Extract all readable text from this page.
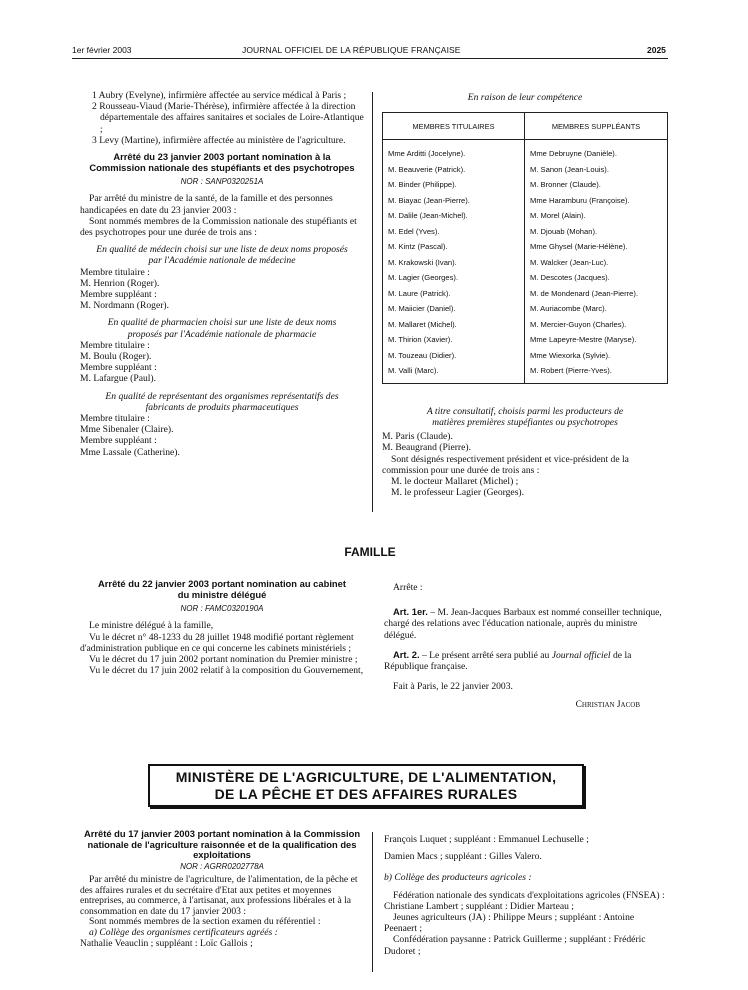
1er février 2003	JOURNAL OFFICIEL DE LA RÉPUBLIQUE FRANÇAISE	2025

1 Aubry (Evelyne), infirmière affectée au service médical à Paris ;

2 Rousseau-Viaud (Marie-Thérèse), infirmière affectée à la direction départementale des affaires sanitaires et sociales de Loire-Atlantique ;

3 Levy (Martine), infirmière affectée au ministère de l'agriculture.

Arrêté du 23 janvier 2003 portant nomination à la Commission nationale des stupéfiants et des psychotropes

NOR : SANP0320251A

Par arrêté du ministre de la santé, de la famille et des personnes handicapées en date du 23 janvier 2003 :

Sont nommés membres de la Commission nationale des stupéfiants et des psychotropes pour une durée de trois ans :

En qualité de médecin choisi sur une liste de deux noms proposés par l'Académie nationale de médecine

Membre titulaire :

M. Henrion (Roger).

Membre suppléant :

M. Nordmann (Roger).

En qualité de pharmacien choisi sur une liste de deux noms proposés par l'Académie nationale de pharmacie

Membre titulaire :

M. Boulu (Roger).

Membre suppléant :

M. Lafargue (Paul).

En qualité de représentant des organismes représentatifs des fabricants de produits pharmaceutiques

Membre titulaire :

Mme Sibenaler (Claire).

Membre suppléant :

Mme Lassale (Catherine).

En raison de leur compétence

MEMBRES TITULAIRES	MEMBRES SUPPLÉANTS
Mme Arditti (Jocelyne).	Mme Debruyne (Danièle).
M. Beauverie (Patrick).	M. Sanon (Jean-Louis).
M. Binder (Philippe).	M. Bronner (Claude).
M. Biayac (Jean-Pierre).	Mme Haramburu (Françoise).
M. Dalile (Jean-Michel).	M. Morel (Alain).
M. Edel (Yves).	M. Djouab (Mohan).
M. Kintz (Pascal).	Mme Ghysel (Marie-Hélène).
M. Krakowski (Ivan).	M. Walcker (Jean-Luc).
M. Lagier (Georges).	M. Descotes (Jacques).
M. Laure (Patrick).	M. de Mondenard (Jean-Pierre).
M. Maiicier (Daniel).	M. Auriacombe (Marc).
M. Mallaret (Michel).	M. Mercier-Guyon (Charles).
M. Thirion (Xavier).	Mme Lapeyre-Mestre (Maryse).
M. Touzeau (Didier).	Mme Wiexorka (Sylvie).
M. Valli (Marc).	M. Robert (Pierre-Yves).

A titre consultatif, choisis parmi les producteurs de matières premières stupéfiantes ou psychotropes

M. Paris (Claude).

M. Beaugrand (Pierre).

Sont désignés respectivement président et vice-président de la commission pour une durée de trois ans :

M. le docteur Mallaret (Michel) ;

M. le professeur Lagier (Georges).

FAMILLE

Arrêté du 22 janvier 2003 portant nomination au cabinet du ministre délégué

NOR : FAMC0320190A

Le ministre délégué à la famille,

Vu le décret n° 48-1233 du 28 juillet 1948 modifié portant règlement d'administration publique en ce qui concerne les cabinets ministériels ;

Vu le décret du 17 juin 2002 portant nomination du Premier ministre ;

Vu le décret du 17 juin 2002 relatif à la composition du Gouvernement,

Arrête :

Art. 1er. – M. Jean-Jacques Barbaux est nommé conseiller technique, chargé des relations avec l'éducation nationale, auprès du ministre délégué.

Art. 2. – Le présent arrêté sera publié au Journal officiel de la République française.

Fait à Paris, le 22 janvier 2003.

Christian Jacob

MINISTÈRE DE L'AGRICULTURE, DE L'ALIMENTATION,
DE LA PÊCHE ET DES AFFAIRES RURALES

Arrêté du 17 janvier 2003 portant nomination à la Commission nationale de l'agriculture raisonnée et de la qualification des exploitations

NOR : AGRR0202778A

Par arrêté du ministre de l'agriculture, de l'alimentation, de la pêche et des affaires rurales et du secrétaire d'Etat aux petites et moyennes entreprises, au commerce, à l'artisanat, aux professions libérales et à la consommation en date du 17 janvier 2003 :

Sont nommés membres de la section examen du référentiel :

a) Collège des organismes certificateurs agréés :

Nathalie Veauclin ; suppléant : Loïc Gallois ;

François Luquet ; suppléant : Emmanuel Lechuselle ;

Damien Macs ; suppléant : Gilles Valero.

b) Collège des producteurs agricoles :

Fédération nationale des syndicats d'exploitations agricoles (FNSEA) : Christiane Lambert ; suppléant : Didier Marteau ;

Jeunes agriculteurs (JA) : Philippe Meurs ; suppléant : Antoine Peenaert ;

Confédération paysanne : Patrick Guillerme ; suppléant : Frédéric Dudoret ;
